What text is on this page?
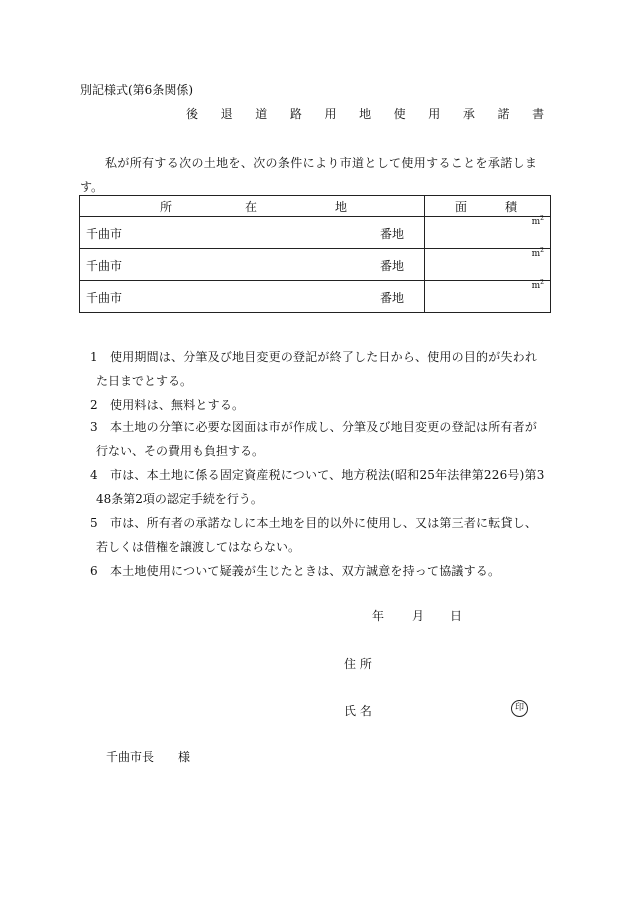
別記様式(第6条関係)
後 退 道 路 用 地 使 用 承 諾 書
私が所有する次の土地を、次の条件により市道として使用することを承諾しま
す。
所 在 地	面 積

千曲市 番地	$m^2$

千曲市 番地	$m^2$

千曲市 番地	$m^2$
1　使用期間は、分筆及び地目変更の登記が終了した日から、使用の目的が失われ
た日までとする。
2　使用料は、無料とする。
3　本土地の分筆に必要な図面は市が作成し、分筆及び地目変更の登記は所有者が
行ない、その費用も負担する。
4　市は、本土地に係る固定資産税について、地方税法(昭和25年法律第226号)第3
48条第2項の認定手続を行う。
5　市は、所有者の承諾なしに本土地を目的以外に使用し、又は第三者に転貸し、
若しくは借権を譲渡してはならない。
6　本土地使用について疑義が生じたときは、双方誠意を持って協議する。
年 月 日
住 所
氏 名	印
千曲市長　　様
